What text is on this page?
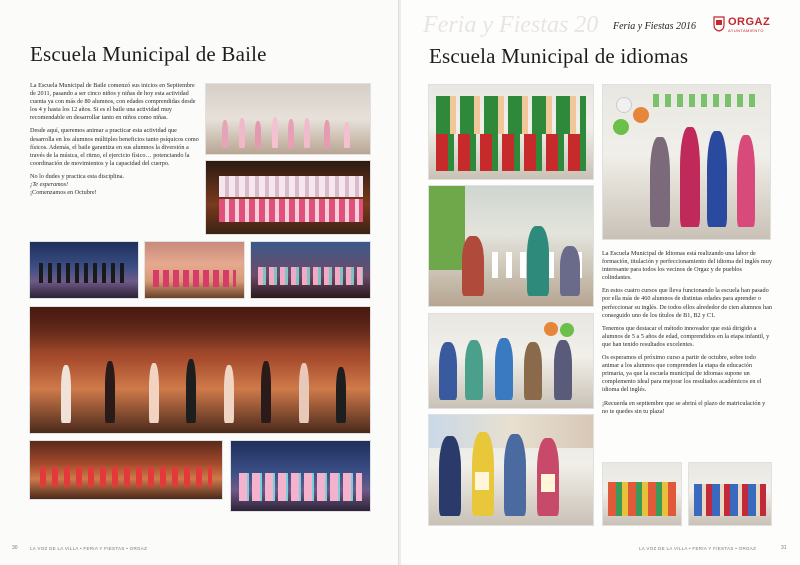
Escuela Municipal de Baile

La Escuela Municipal de Baile comenzó sus inicios en Septiembre de 2011, pasando a ser cinco niños y niñas de hoy esta actividad cuenta ya con más de 80 alumnos, con edades comprendidas desde los 4 y hasta los 12 años. Si es el baile una actividad muy recomendable en desarrollar tanto en niños como niñas.

Desde aquí, queremos animar a practicar esta actividad que desarrolla en los alumnos múltiples beneficios tanto psíquicos como físicos. Además, el baile garantiza en sus alumnos la diversión a través de la música, el ritmo, el ejercicio físico… potenciando la coordinación de movimientos y la capacidad del cuerpo.

No lo dudes y practica esta disciplina.
¡Te esperamos!
¡Comenzamos en Octubre!
30	LA VOZ DE LA VILLA • FERIA Y FIESTAS • ORGAZ
Feria y Fiestas 20 Feria y Fiestas 2016	ORGAZ
AYUNTAMIENTO
Escuela Municipal de idiomas

La Escuela Municipal de Idiomas está realizando una labor de formación, titulación y perfeccionamiento del idioma del inglés muy interesante para todos los vecinos de Orgaz y de pueblos colindantes.

En estos cuatro cursos que lleva funcionando la escuela han pasado por ella más de 460 alumnos de distintas edades para aprender o perfeccionar su inglés. De todos ellos alrededor de cien alumnos han conseguido uno de los títulos de B1, B2 y C1.

Tenemos que destacar el método innovador que está dirigido a alumnos de 5 a 5 años de edad, comprendidos en la etapa infantil, y que han tenido resultados excelentes.

Os esperamos el próximo curso a partir de octubre, sobre todo animar a los alumnos que comprenden la etapa de educación primaria, ya que la escuela municipal de idiomas supone un complemento ideal para mejorar los resultados académicos en el idioma del inglés.

¡Recuerda en septiembre que se abrirá el plazo de matriculación y no te quedes sin tu plaza!

LA VOZ DE LA VILLA • FERIA Y FIESTAS • ORGAZ	31
